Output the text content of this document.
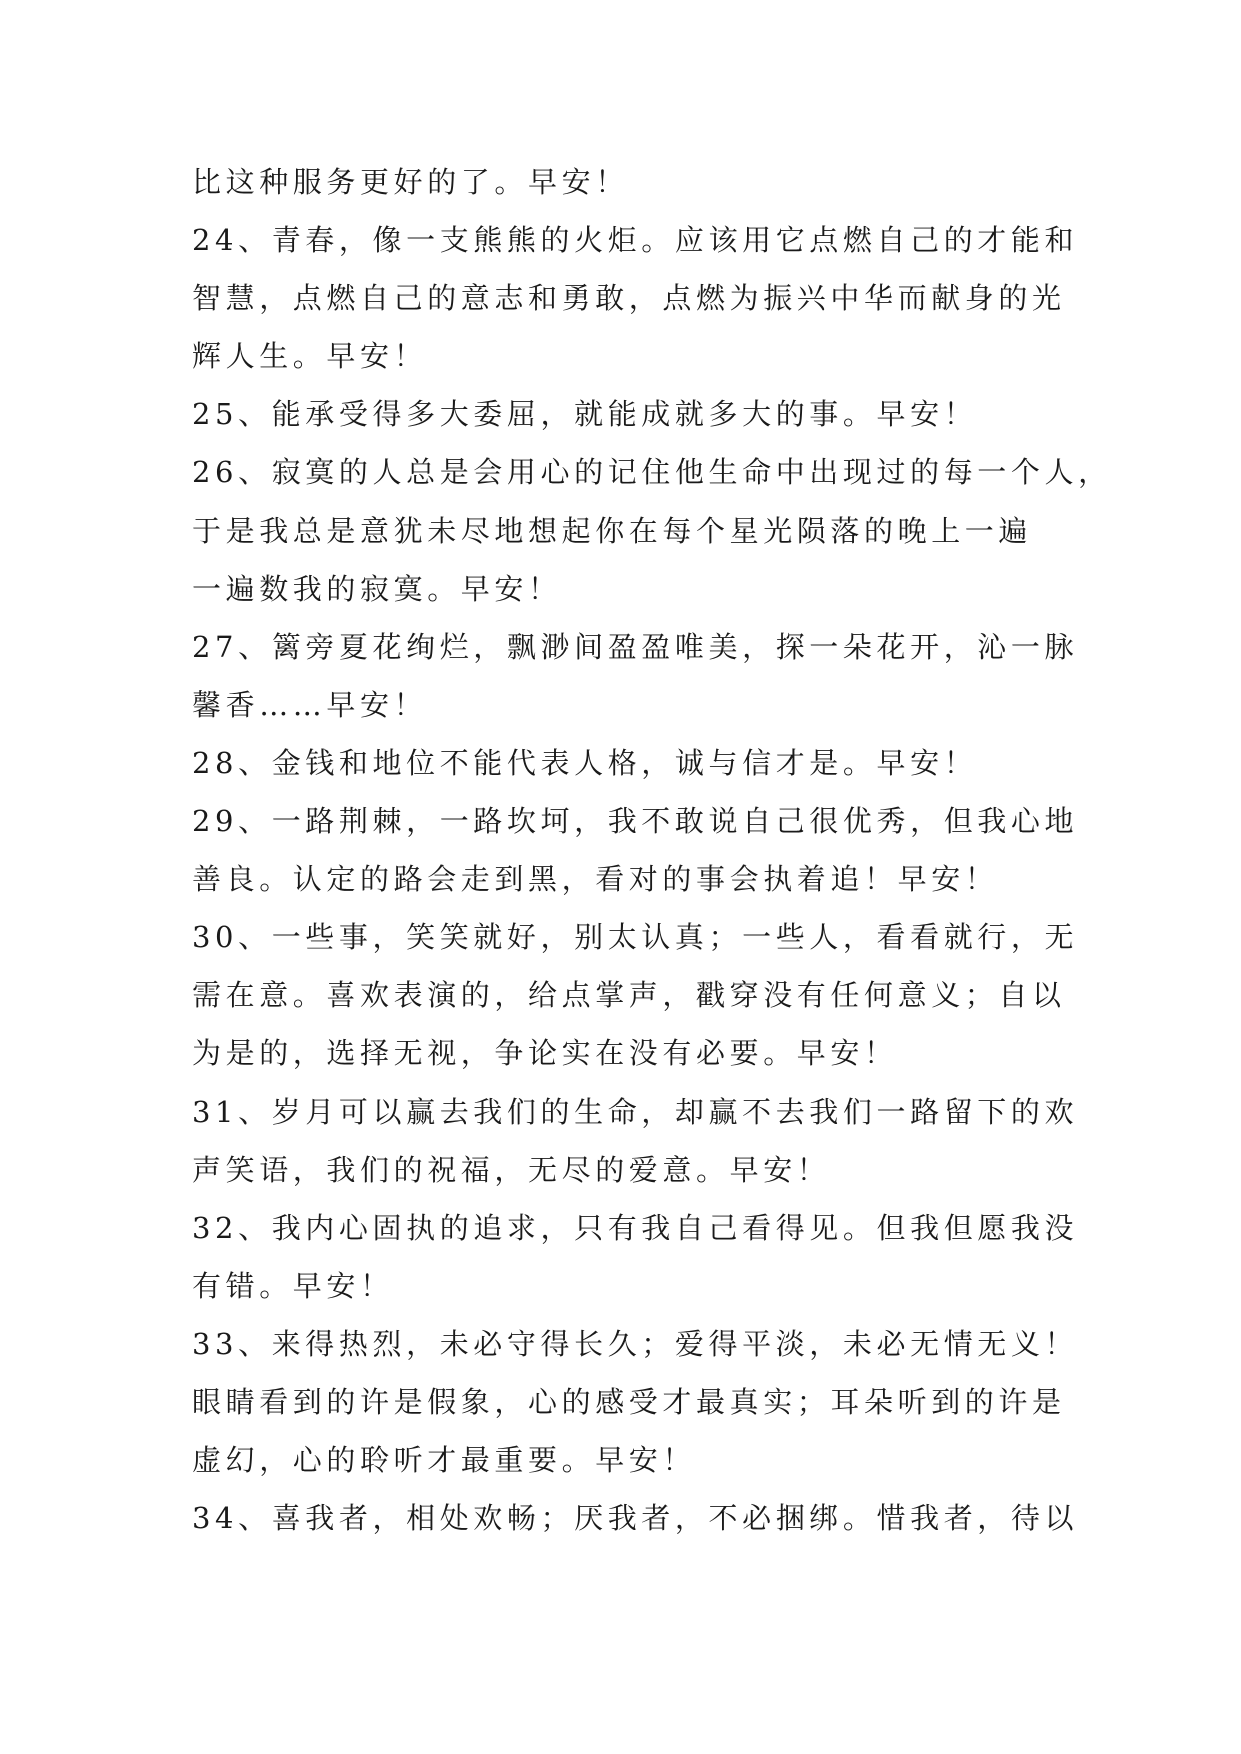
比这种服务更好的了。早安！
24、青春，像一支熊熊的火炬。应该用它点燃自己的才能和
智慧，点燃自己的意志和勇敢，点燃为振兴中华而献身的光
辉人生。早安！
25、能承受得多大委屈，就能成就多大的事。早安！
26、寂寞的人总是会用心的记住他生命中出现过的每一个人，
于是我总是意犹未尽地想起你在每个星光陨落的晚上一遍
一遍数我的寂寞。早安！
27、篱旁夏花绚烂，飘渺间盈盈唯美，探一朵花开，沁一脉
馨香……早安！
28、金钱和地位不能代表人格，诚与信才是。早安！
29、一路荆棘，一路坎坷，我不敢说自己很优秀，但我心地
善良。认定的路会走到黑，看对的事会执着追！早安！
30、一些事，笑笑就好，别太认真；一些人，看看就行，无
需在意。喜欢表演的，给点掌声，戳穿没有任何意义；自以
为是的，选择无视，争论实在没有必要。早安！
31、岁月可以赢去我们的生命，却赢不去我们一路留下的欢
声笑语，我们的祝福，无尽的爱意。早安！
32、我内心固执的追求，只有我自己看得见。但我但愿我没
有错。早安！
33、来得热烈，未必守得长久；爱得平淡，未必无情无义！
眼睛看到的许是假象，心的感受才最真实；耳朵听到的许是
虚幻，心的聆听才最重要。早安！
34、喜我者，相处欢畅；厌我者，不必捆绑。惜我者，待以
